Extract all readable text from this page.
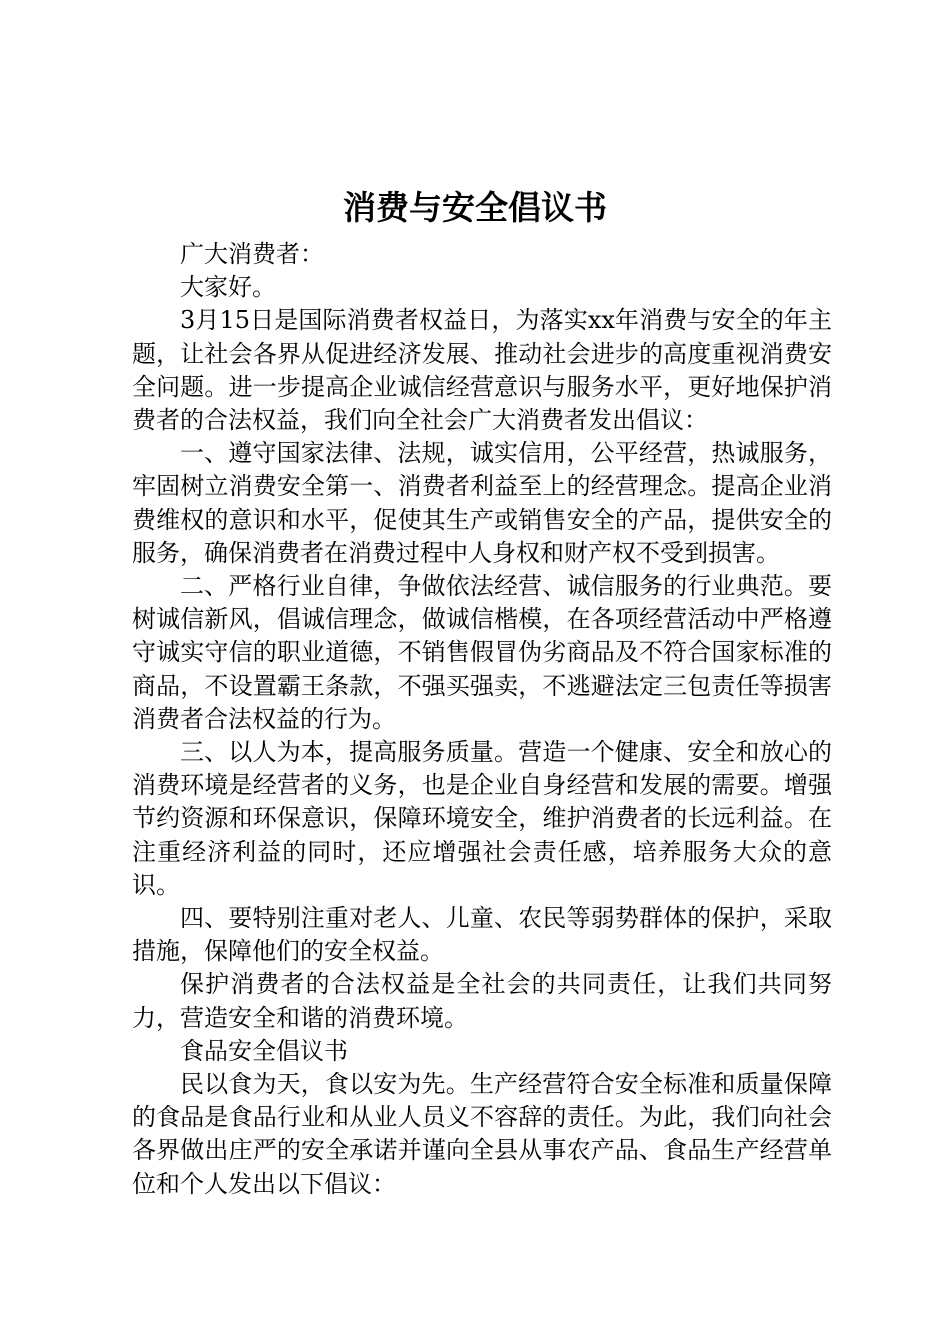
消费与安全倡议书

广大消费者：

大家好。

3月15日是国际消费者权益日，为落实xx年消费与安全的年主题，让社会各界从促进经济发展、推动社会进步的高度重视消费安全问题。进一步提高企业诚信经营意识与服务水平，更好地保护消费者的合法权益，我们向全社会广大消费者发出倡议：

一、遵守国家法律、法规，诚实信用，公平经营，热诚服务，牢固树立消费安全第一、消费者利益至上的经营理念。提高企业消费维权的意识和水平，促使其生产或销售安全的产品，提供安全的服务，确保消费者在消费过程中人身权和财产权不受到损害。

二、严格行业自律，争做依法经营、诚信服务的行业典范。要树诚信新风，倡诚信理念，做诚信楷模，在各项经营活动中严格遵守诚实守信的职业道德，不销售假冒伪劣商品及不符合国家标准的商品，不设置霸王条款，不强买强卖，不逃避法定三包责任等损害消费者合法权益的行为。

三、以人为本，提高服务质量。营造一个健康、安全和放心的消费环境是经营者的义务，也是企业自身经营和发展的需要。增强节约资源和环保意识，保障环境安全，维护消费者的长远利益。在注重经济利益的同时，还应增强社会责任感，培养服务大众的意识。

四、要特别注重对老人、儿童、农民等弱势群体的保护，采取措施，保障他们的安全权益。

保护消费者的合法权益是全社会的共同责任，让我们共同努力，营造安全和谐的消费环境。

食品安全倡议书

民以食为天，食以安为先。生产经营符合安全标准和质量保障的食品是食品行业和从业人员义不容辞的责任。为此，我们向社会各界做出庄严的安全承诺并谨向全县从事农产品、食品生产经营单位和个人发出以下倡议：
